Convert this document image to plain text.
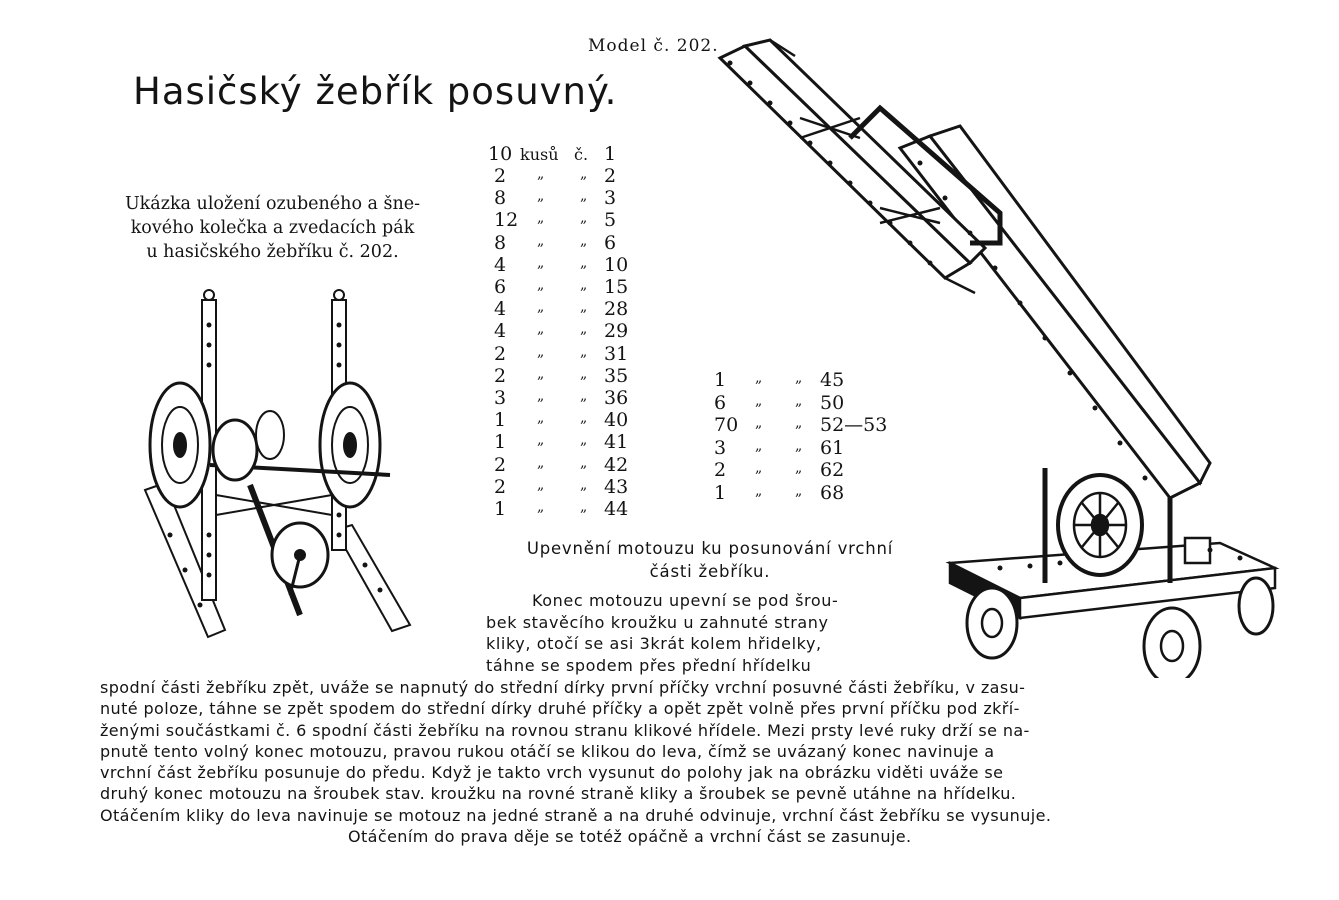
Model č. 202.
Hasičský žebřík posuvný.
Ukázka uložení ozubeného a šne-
kového kolečka a zvedacích pák
u hasičského žebříku č. 202.
10 kusů č. 1
2 „	„ 2
8 „	„ 3
12 „	„ 5
8 „	„ 6
4 „	„ 10
6 „	„ 15
4 „	„ 28
4 „	„ 29
2 „	„ 31
2 „	„ 35
3 „	„ 36
1 „	„ 40
1 „	„ 41
2 „	„ 42
2 „	„ 43
1 „	„ 44
1 „ „ 45
6 „ „ 50
70 „ „ 52—53
3 „ „ 61
2 „ „ 62
1 „ „ 68
Upevnění motouzu ku posunování vrchní
části žebříku.
Konec motouzu upevní se pod šrou-
bek stavěcího kroužku u zahnuté strany
kliky, otočí se asi 3krát kolem hřidelky,
táhne se spodem přes přední hřídelku
spodní části žebříku zpět, uváže se napnutý do střední dírky první příčky vrchní posuvné části žebříku, v zasu-
nuté poloze, táhne se zpět spodem do střední dírky druhé příčky a opět zpět volně přes první příčku pod zkří-
ženými součástkami č. 6 spodní části žebříku na rovnou stranu klikové hřídele. Mezi prsty levé ruky drží se na-
pnutě tento volný konec motouzu, pravou rukou otáčí se klikou do leva, čímž se uvázaný konec navinuje a
vrchní část žebříku posunuje do předu. Když je takto vrch vysunut do polohy jak na obrázku viděti uváže se
druhý konec motouzu na šroubek stav. kroužku na rovné straně kliky a šroubek se pevně utáhne na hřídelku.
Otáčením kliky do leva navinuje se motouz na jedné straně a na druhé odvinuje, vrchní část žebříku se vysunuje.
Otáčením do prava děje se totéž opáčně a vrchní část se zasunuje.
